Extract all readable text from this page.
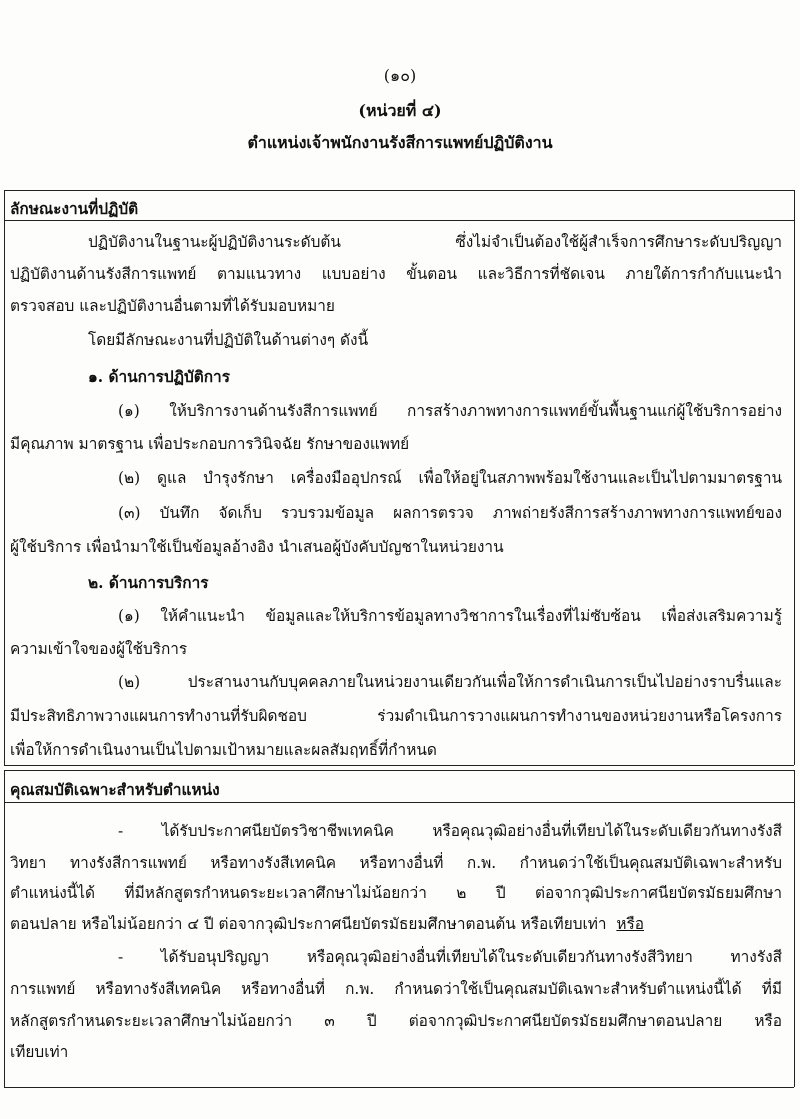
(๑๐)
(หน่วยที่ ๔)
ตำแหน่งเจ้าพนักงานรังสีการแพทย์ปฏิบัติงาน
ลักษณะงานที่ปฏิบัติ
ปฏิบัติงานในฐานะผู้ปฏิบัติงานระดับต้น ซึ่งไม่จำเป็นต้องใช้ผู้สำเร็จการศึกษาระดับปริญญา
ปฏิบัติงานด้านรังสีการแพทย์ ตามแนวทาง แบบอย่าง ขั้นตอน และวิธีการที่ชัดเจน ภายใต้การกำกับแนะนำ
ตรวจสอบ และปฏิบัติงานอื่นตามที่ได้รับมอบหมาย
โดยมีลักษณะงานที่ปฏิบัติในด้านต่างๆ ดังนี้
๑. ด้านการปฏิบัติการ
(๑) ให้บริการงานด้านรังสีการแพทย์ การสร้างภาพทางการแพทย์ขั้นพื้นฐานแก่ผู้ใช้บริการอย่าง
มีคุณภาพ มาตรฐาน เพื่อประกอบการวินิจฉัย รักษาของแพทย์
(๒) ดูแล บำรุงรักษา เครื่องมืออุปกรณ์ เพื่อให้อยู่ในสภาพพร้อมใช้งานและเป็นไปตามมาตรฐาน
(๓) บันทึก จัดเก็บ รวบรวมข้อมูล ผลการตรวจ ภาพถ่ายรังสีการสร้างภาพทางการแพทย์ของ
ผู้ใช้บริการ เพื่อนำมาใช้เป็นข้อมูลอ้างอิง นำเสนอผู้บังคับบัญชาในหน่วยงาน
๒. ด้านการบริการ
(๑) ให้คำแนะนำ ข้อมูลและให้บริการข้อมูลทางวิชาการในเรื่องที่ไม่ซับซ้อน เพื่อส่งเสริมความรู้
ความเข้าใจของผู้ใช้บริการ
(๒) ประสานงานกับบุคคลภายในหน่วยงานเดียวกันเพื่อให้การดำเนินการเป็นไปอย่างราบรื่นและ
มีประสิทธิภาพวางแผนการทำงานที่รับผิดชอบ ร่วมดำเนินการวางแผนการทำงานของหน่วยงานหรือโครงการ
เพื่อให้การดำเนินงานเป็นไปตามเป้าหมายและผลสัมฤทธิ์ที่กำหนด
คุณสมบัติเฉพาะสำหรับตำแหน่ง
- ได้รับประกาศนียบัตรวิชาชีพเทคนิค หรือคุณวุฒิอย่างอื่นที่เทียบได้ในระดับเดียวกันทางรังสี
วิทยา ทางรังสีการแพทย์ หรือทางรังสีเทคนิค หรือทางอื่นที่ ก.พ. กำหนดว่าใช้เป็นคุณสมบัติเฉพาะสำหรับ
ตำแหน่งนี้ได้ ที่มีหลักสูตรกำหนดระยะเวลาศึกษาไม่น้อยกว่า ๒ ปี ต่อจากวุฒิประกาศนียบัตรมัธยมศึกษา
ตอนปลาย หรือไม่น้อยกว่า ๔ ปี ต่อจากวุฒิประกาศนียบัตรมัธยมศึกษาตอนต้น หรือเทียบเท่า หรือ
- ได้รับอนุปริญญา หรือคุณวุฒิอย่างอื่นที่เทียบได้ในระดับเดียวกันทางรังสีวิทยา ทางรังสี
การแพทย์ หรือทางรังสีเทคนิค หรือทางอื่นที่ ก.พ. กำหนดว่าใช้เป็นคุณสมบัติเฉพาะสำหรับตำแหน่งนี้ได้ ที่มี
หลักสูตรกำหนดระยะเวลาศึกษาไม่น้อยกว่า ๓ ปี ต่อจากวุฒิประกาศนียบัตรมัธยมศึกษาตอนปลาย หรือ
เทียบเท่า
